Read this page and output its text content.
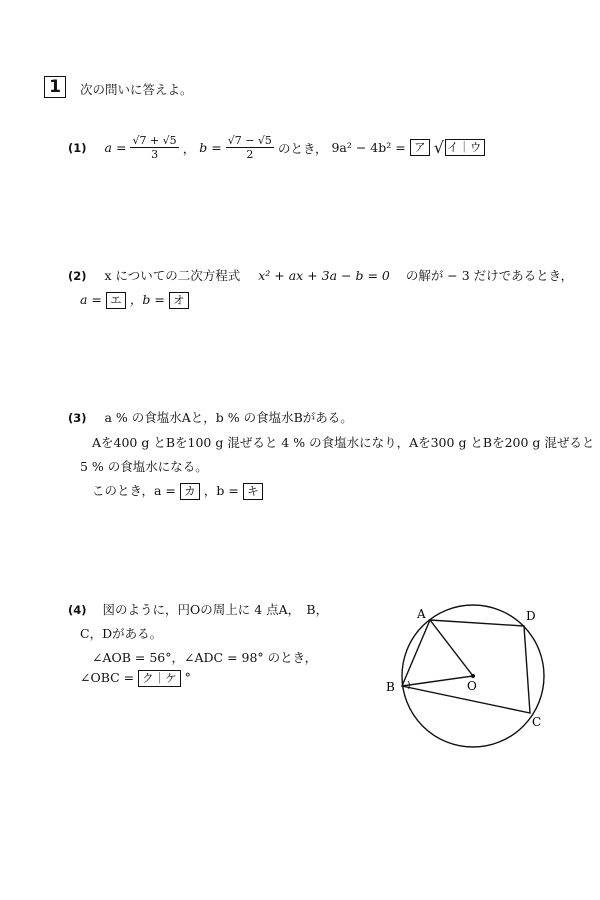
1	次の問いに答えよ。
(1) $a = \frac{√7 + √5}{3}$ ， $b = \frac{√7 - √5}{2}$ のとき， 9a² − 4b² = ア √ イ｜ウ
(2) x についての二次方程式 x² + ax + 3a − b = 0 の解が − 3 だけであるとき，
a = エ ，b = オ
(3) a % の食塩水Aと，b % の食塩水Bがある。
Aを400 g とBを100 g 混ぜると 4 % の食塩水になり，Aを300 g とBを200 g 混ぜると
5 % の食塩水になる。
このとき，a = カ ，b = キ
(4) 図のように，円Oの周上に 4 点A，　B，
C，Dがある。
∠AOB = 56°，∠ADC = 98° のとき，
∠OBC = ク｜ケ °
A	D
B	O
C
